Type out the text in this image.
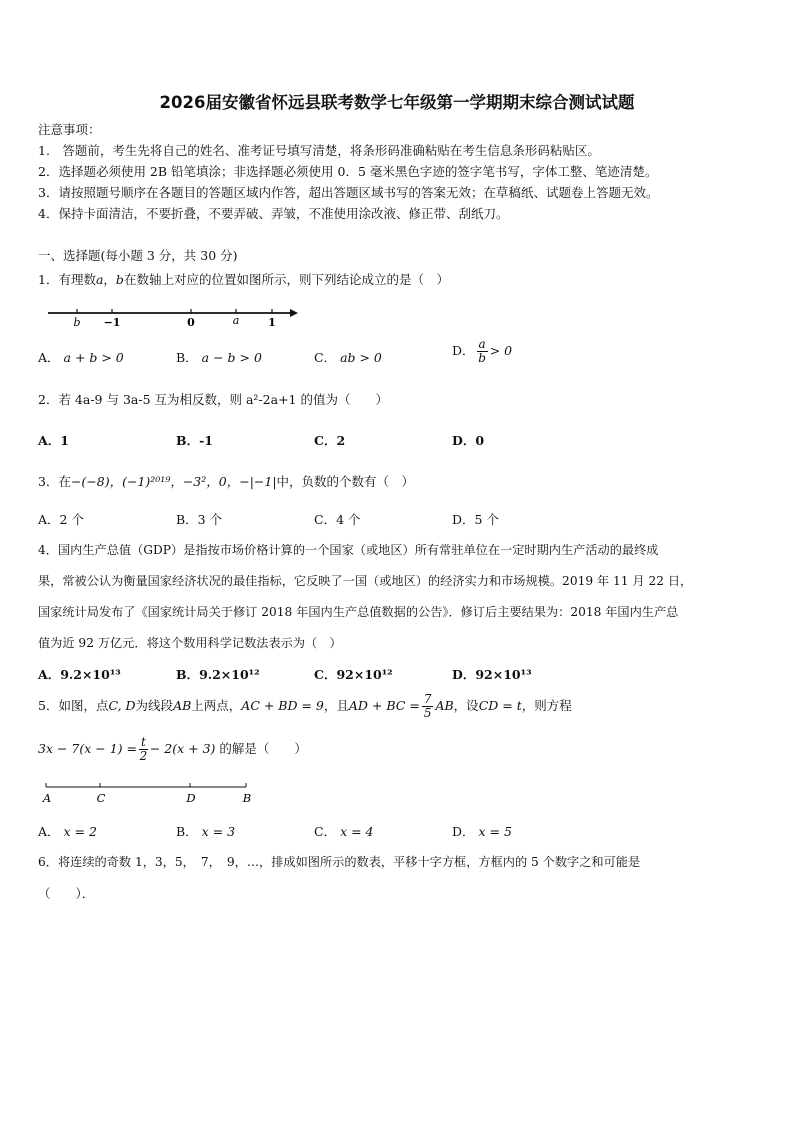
2026届安徽省怀远县联考数学七年级第一学期期末综合测试试题
注意事项：
1.　答题前，考生先将自己的姓名、准考证号填写清楚，将条形码准确粘贴在考生信息条形码粘贴区。
2．选择题必须使用 2B 铅笔填涂；非选择题必须使用 0．5 毫米黑色字迹的签字笔书写，字体工整、笔迹清楚。
3．请按照题号顺序在各题目的答题区域内作答，超出答题区域书写的答案无效；在草稿纸、试题卷上答题无效。
4．保持卡面清洁，不要折叠，不要弄破、弄皱，不准使用涂改液、修正带、刮纸刀。
一、选择题(每小题 3 分，共 30 分)
1．有理数a，b在数轴上对应的位置如图所示，则下列结论成立的是（　）
b −1	0	a	1
A． a + b > 0	B． a − b > 0	C． ab > 0	D． $\frac{a}{b} > 0$
2．若 4a-9 与 3a-5 互为相反数，则 a²-2a+1 的值为（　　）
A．1	B．-1	C．2	D．0
3．在−(−8)，(−1)²⁰¹⁹，−3²，0，−|−1|中，负数的个数有（　）
A．2 个	B．3 个	C．4 个	D．5 个
4．国内生产总值（GDP）是指按市场价格计算的一个国家（或地区）所有常驻单位在一定时期内生产活动的最终成
果，常被公认为衡量国家经济状况的最佳指标，它反映了一国（或地区）的经济实力和市场规模。2019 年 11 月 22 日，
国家统计局发布了《国家统计局关于修订 2018 年国内生产总值数据的公告》．修订后主要结果为：2018 年国内生产总
值为近 92 万亿元．将这个数用科学记数法表示为（　）
A．9.2×10¹³	B．9.2×10¹²	C．92×10¹²	D．92×10¹³
5．如图，点C, D为线段AB上两点，AC + BD = 9，且AD + BC = $\frac{7}{5}$ AB，设CD = t，则方程
$3x - 7(x - 1) = \frac{t}{2} - 2(x + 3)$ 的解是（　　）
A	C	D	B
A． x = 2	B． x = 3	C． x = 4	D． x = 5
6．将连续的奇数 1，3，5，　7，　9，…，排成如图所示的数表，平移十字方框，方框内的 5 个数字之和可能是
（　　）．
